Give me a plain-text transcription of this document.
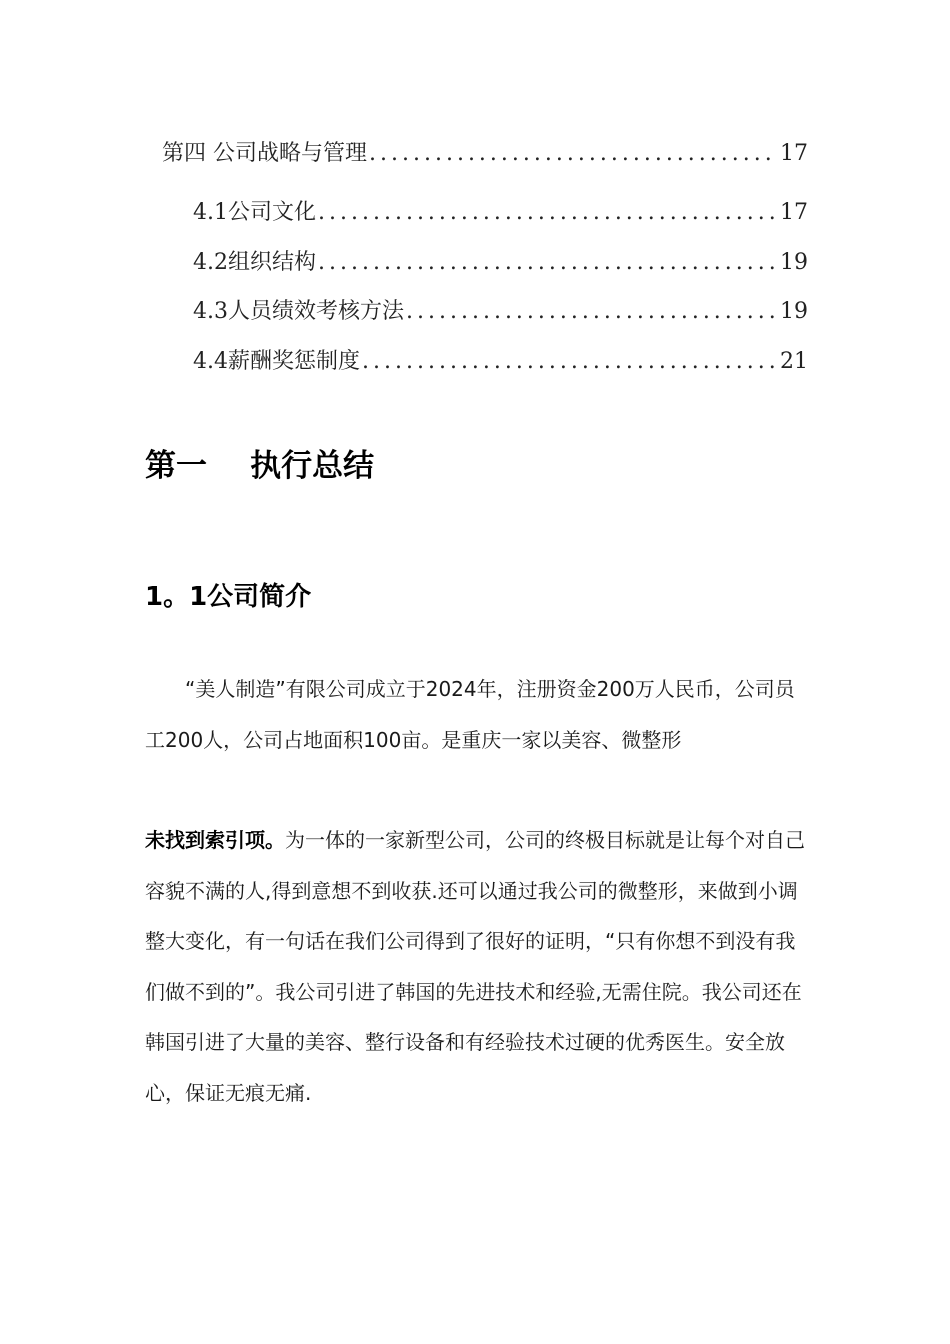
第四 公司战略与管理 .....	17
4.1公司文化 .....	17
4.2组织结构 .....	19
4.3人员绩效考核方法 .....	19
4.4薪酬奖惩制度 .....	21
第一    执行总结
1。1公司简介

“美人制造”有限公司成立于2024年，注册资金200万人民币，公司员工200人，公司占地面积100亩。是重庆一家以美容、微整形

未找到索引项。为一体的一家新型公司，公司的终极目标就是让每个对自己容貌不满的人,得到意想不到收获.还可以通过我公司的微整形，来做到小调整大变化，有一句话在我们公司得到了很好的证明，“只有你想不到没有我们做不到的”。我公司引进了韩国的先进技术和经验,无需住院。我公司还在韩国引进了大量的美容、整行设备和有经验技术过硬的优秀医生。安全放心，保证无痕无痛.
